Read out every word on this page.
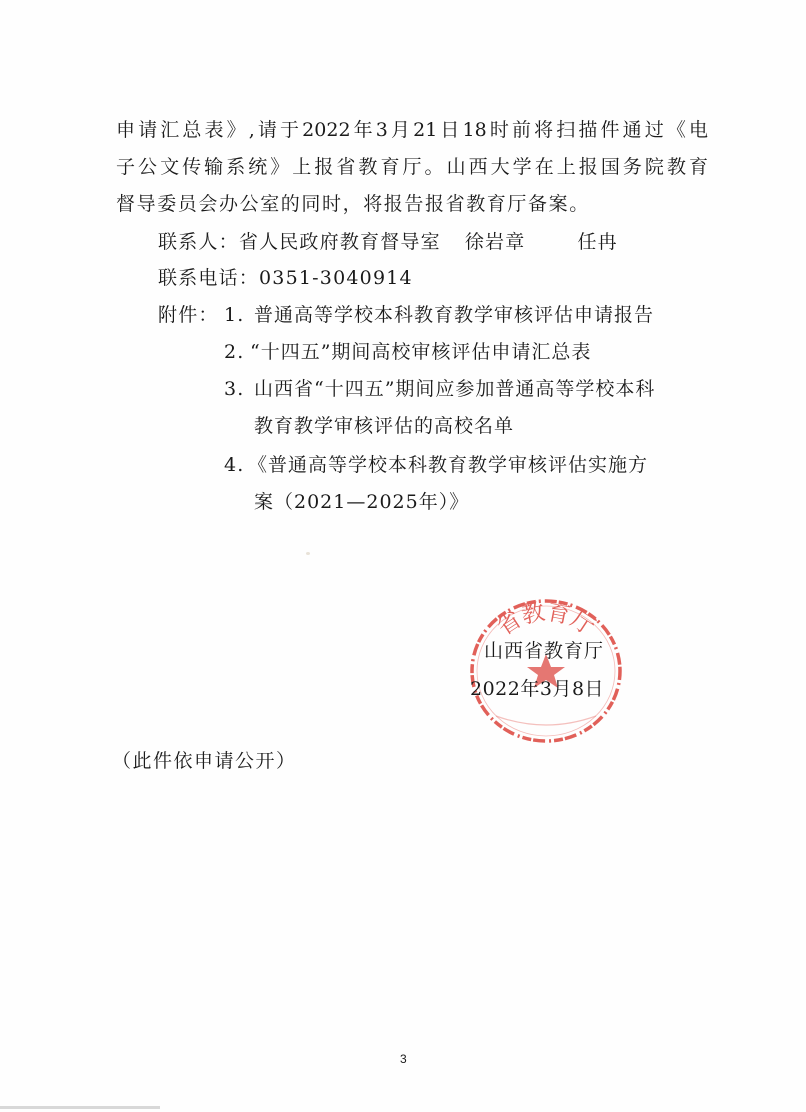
申请汇总表》,请于2022年3月21日18时前将扫描件通过《电
子公文传输系统》上报省教育厅。山西大学在上报国务院教育
督导委员会办公室的同时，将报告报省教育厅备案。
联系人：省人民政府教育督导室 徐岩章	任冉
联系电话：0351-3040914
附件： 1. 普通高等学校本科教育教学审核评估申请报告
2. “十四五”期间高校审核评估申请汇总表
3. 山西省“十四五”期间应参加普通高等学校本科
教育教学审核评估的高校名单
4. 《普通高等学校本科教育教学审核评估实施方
案（2021—2025年）》
省教育厅
山西省教育厅
2022年3月8日
（此件依申请公开）
3
